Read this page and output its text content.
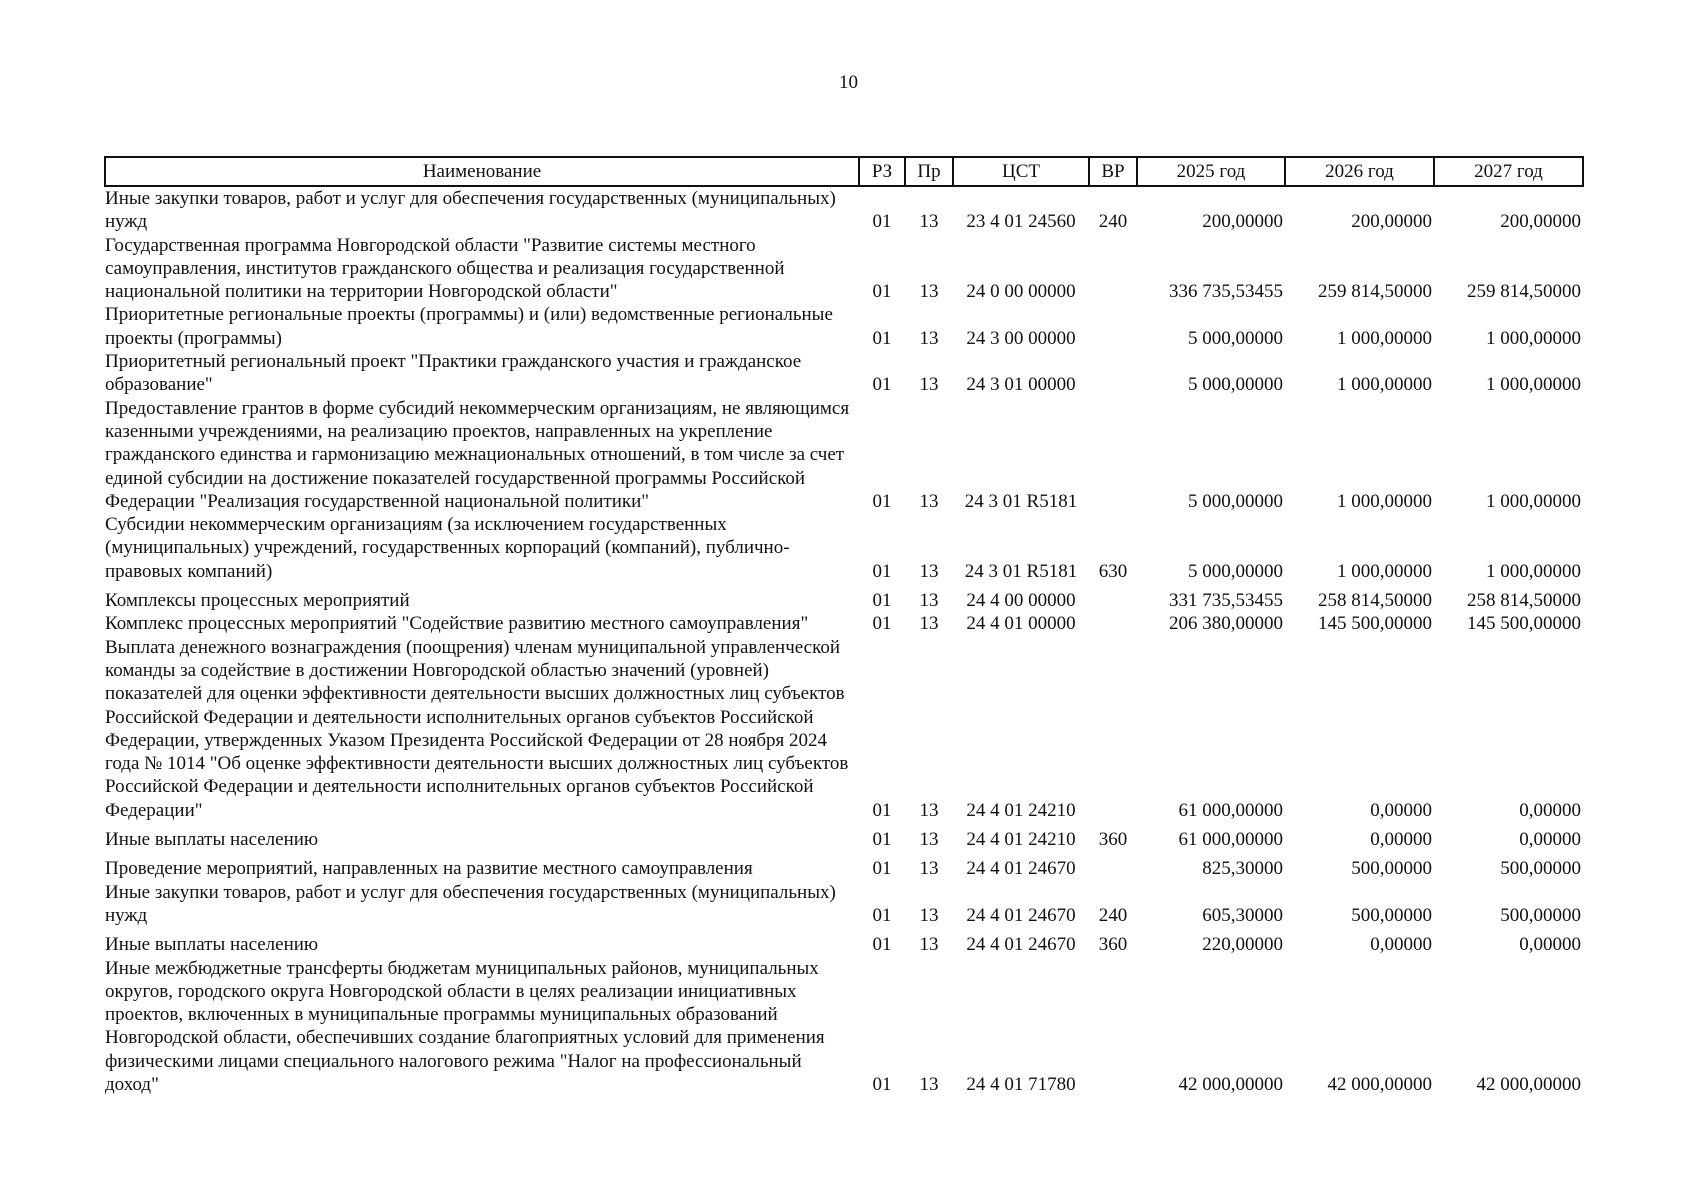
10
Наименование	РЗ	Пр	ЦСТ	ВР	2025 год	2026 год	2027 год
Иные закупки товаров, работ и услуг для обеспечения государственных (муниципальных) нужд	01	13	23 4 01 24560	240	200,00000	200,00000	200,00000
Государственная программа Новгородской области "Развитие системы местного самоуправления, институтов гражданского общества и реализация государственной национальной политики на территории Новгородской области"	01	13	24 0 00 00000		336 735,53455	259 814,50000	259 814,50000
Приоритетные региональные проекты (программы) и (или) ведомственные региональные проекты (программы)	01	13	24 3 00 00000		5 000,00000	1 000,00000	1 000,00000
Приоритетный региональный проект "Практики гражданского участия и гражданское образование"	01	13	24 3 01 00000		5 000,00000	1 000,00000	1 000,00000
Предоставление грантов в форме субсидий некоммерческим организациям, не являющимся казенными учреждениями, на реализацию проектов, направленных на укрепление гражданского единства и гармонизацию межнациональных отношений, в том числе за счет единой субсидии на достижение показателей государственной программы Российской Федерации "Реализация государственной национальной политики"	01	13	24 3 01 R5181		5 000,00000	1 000,00000	1 000,00000
Субсидии некоммерческим организациям (за исключением государственных (муниципальных) учреждений, государственных корпораций (компаний), публично-правовых компаний)	01	13	24 3 01 R5181	630	5 000,00000	1 000,00000	1 000,00000
Комплексы процессных мероприятий	01	13	24 4 00 00000		331 735,53455	258 814,50000	258 814,50000
Комплекс процессных мероприятий "Содействие развитию местного самоуправления"	01	13	24 4 01 00000		206 380,00000	145 500,00000	145 500,00000
Выплата денежного вознаграждения (поощрения) членам муниципальной управленческой команды за содействие в достижении Новгородской областью значений (уровней) показателей для оценки эффективности деятельности высших должностных лиц субъектов Российской Федерации и деятельности исполнительных органов субъектов Российской Федерации, утвержденных Указом Президента Российской Федерации от 28 ноября 2024 года № 1014 "Об оценке эффективности деятельности высших должностных лиц субъектов Российской Федерации и деятельности исполнительных органов субъектов Российской Федерации"	01	13	24 4 01 24210		61 000,00000	0,00000	0,00000
Иные выплаты населению	01	13	24 4 01 24210	360	61 000,00000	0,00000	0,00000
Проведение мероприятий, направленных на развитие местного самоуправления	01	13	24 4 01 24670		825,30000	500,00000	500,00000
Иные закупки товаров, работ и услуг для обеспечения государственных (муниципальных) нужд	01	13	24 4 01 24670	240	605,30000	500,00000	500,00000
Иные выплаты населению	01	13	24 4 01 24670	360	220,00000	0,00000	0,00000
Иные межбюджетные трансферты бюджетам муниципальных районов, муниципальных округов, городского округа Новгородской области в целях реализации инициативных проектов, включенных в муниципальные программы муниципальных образований Новгородской области, обеспечивших создание благоприятных условий для применения физическими лицами специального налогового режима "Налог на профессиональный доход"	01	13	24 4 01 71780		42 000,00000	42 000,00000	42 000,00000
